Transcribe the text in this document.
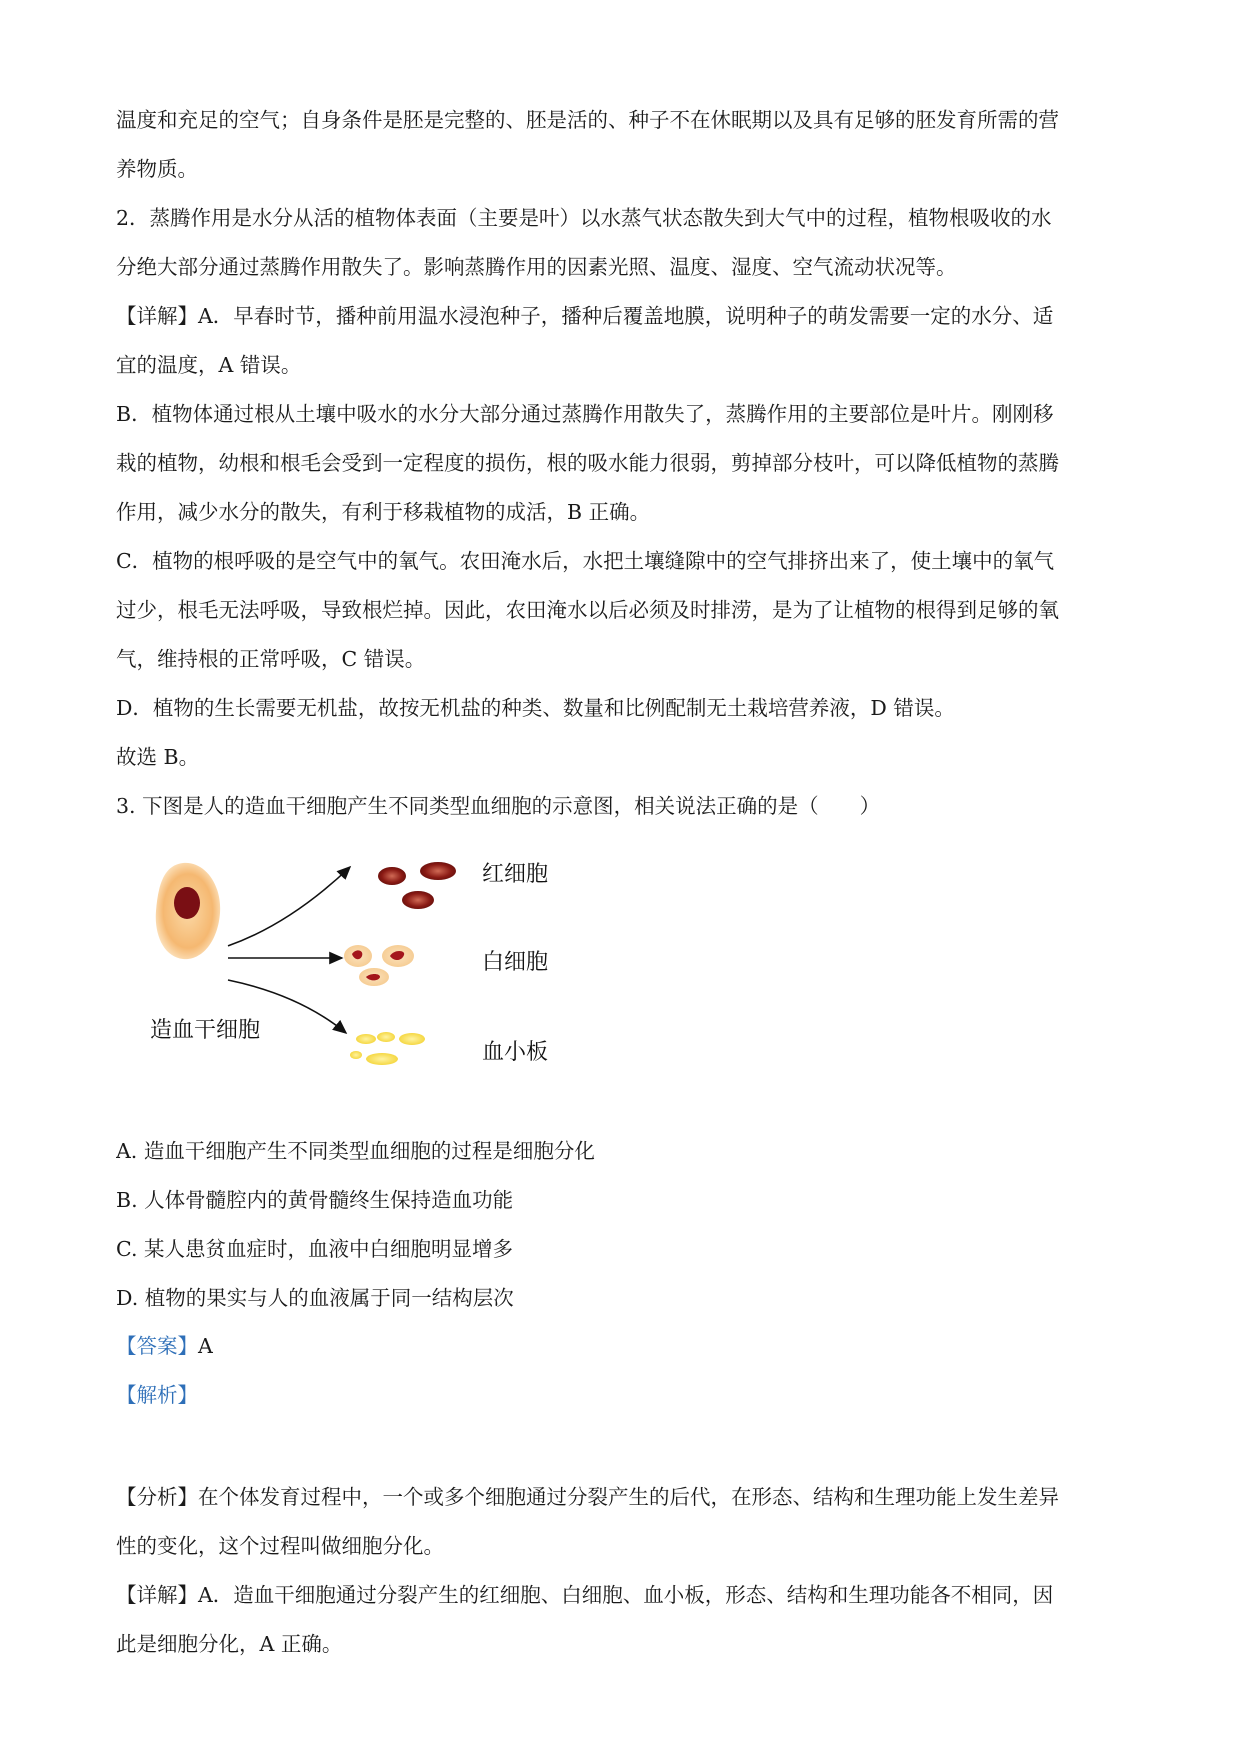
温度和充足的空气；自身条件是胚是完整的、胚是活的、种子不在休眠期以及具有足够的胚发育所需的营
养物质。
2．蒸腾作用是水分从活的植物体表面（主要是叶）以水蒸气状态散失到大气中的过程，植物根吸收的水
分绝大部分通过蒸腾作用散失了。影响蒸腾作用的因素光照、温度、湿度、空气流动状况等。
【详解】A．早春时节，播种前用温水浸泡种子，播种后覆盖地膜，说明种子的萌发需要一定的水分、适
宜的温度，A 错误。
B．植物体通过根从土壤中吸水的水分大部分通过蒸腾作用散失了，蒸腾作用的主要部位是叶片。刚刚移
栽的植物，幼根和根毛会受到一定程度的损伤，根的吸水能力很弱，剪掉部分枝叶，可以降低植物的蒸腾
作用，减少水分的散失，有利于移栽植物的成活，B 正确。
C．植物的根呼吸的是空气中的氧气。农田淹水后，水把土壤缝隙中的空气排挤出来了，使土壤中的氧气
过少，根毛无法呼吸，导致根烂掉。因此，农田淹水以后必须及时排涝，是为了让植物的根得到足够的氧
气，维持根的正常呼吸，C 错误。
D．植物的生长需要无机盐，故按无机盐的种类、数量和比例配制无土栽培营养液，D 错误。
故选 B。
3. 下图是人的造血干细胞产生不同类型血细胞的示意图，相关说法正确的是（　　）
A. 造血干细胞产生不同类型血细胞的过程是细胞分化
B. 人体骨髓腔内的黄骨髓终生保持造血功能
C. 某人患贫血症时，血液中白细胞明显增多
D. 植物的果实与人的血液属于同一结构层次
【分析】在个体发育过程中，一个或多个细胞通过分裂产生的后代，在形态、结构和生理功能上发生差异
性的变化，这个过程叫做细胞分化。
【详解】A．造血干细胞通过分裂产生的红细胞、白细胞、血小板，形态、结构和生理功能各不相同，因
此是细胞分化，A 正确。
【答案】A
【解析】
造血干细胞
红细胞
白细胞
血小板
